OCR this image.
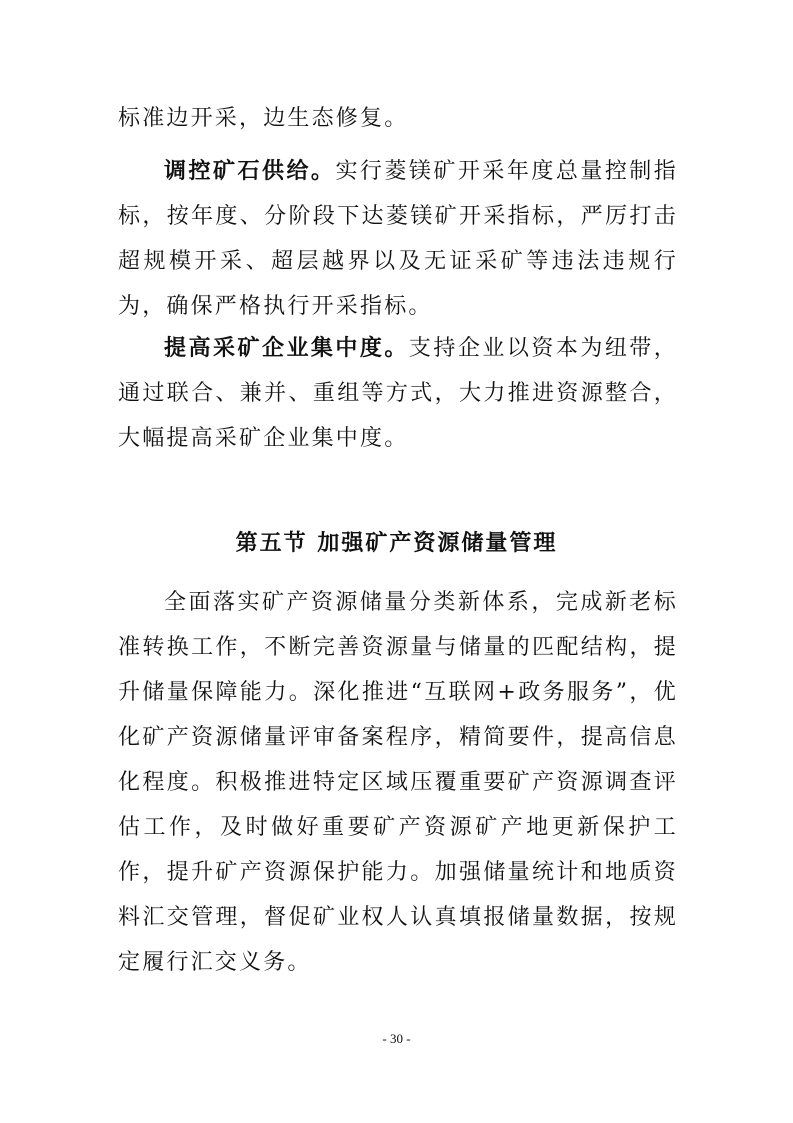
标准边开采，边生态修复。

调控矿石供给。实行菱镁矿开采年度总量控制指标，按年度、分阶段下达菱镁矿开采指标，严厉打击超规模开采、超层越界以及无证采矿等违法违规行为，确保严格执行开采指标。

提高采矿企业集中度。支持企业以资本为纽带，通过联合、兼并、重组等方式，大力推进资源整合，大幅提高采矿企业集中度。

第五节 加强矿产资源储量管理

全面落实矿产资源储量分类新体系，完成新老标准转换工作，不断完善资源量与储量的匹配结构，提升储量保障能力。深化推进“互联网+政务服务”，优化矿产资源储量评审备案程序，精简要件，提高信息化程度。积极推进特定区域压覆重要矿产资源调查评估工作，及时做好重要矿产资源矿产地更新保护工作，提升矿产资源保护能力。加强储量统计和地质资料汇交管理，督促矿业权人认真填报储量数据，按规定履行汇交义务。

- 30 -
